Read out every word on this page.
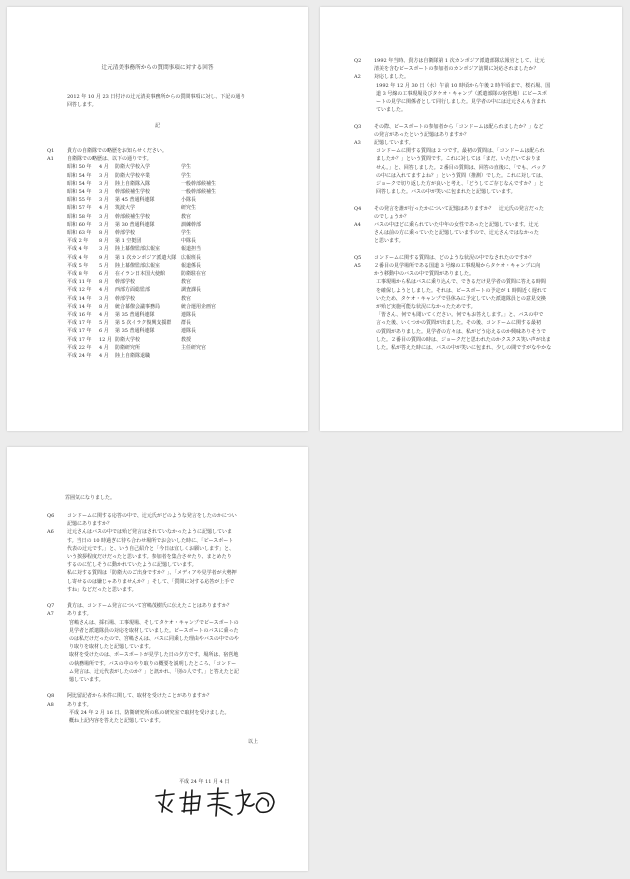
辻元清美事務所からの質問事項に対する回答
2012 年 10 月 23 日付けの辻元清美事務所からの質問事項に対し、下記の通り
回答します。
記
Q1	貴方の自衛隊での略歴をお知らせください。
A1	自衛隊での略歴は、以下の通りです。
昭和 50 年	4 月	防衛大学校入学	学生
昭和 54 年	3 月	防衛大学校卒業	学生
昭和 54 年	3 月	陸上自衛隊入隊	一般幹部候補生
昭和 54 年	3 月	幹部候補生学校	一般幹部候補生
昭和 55 年	3 月	第 45 普通科連隊	小隊長
昭和 57 年	4 月	筑波大学	研究生
昭和 58 年	3 月	幹部候補生学校	教官
昭和 60 年	3 月	第 30 普通科連隊	訓練幹部
昭和 63 年	8 月	幹部学校	学生
平成 2 年	8 月	第 1 空挺団	中隊長
平成 4 年	3 月	陸上幕僚監部広報室	報道担当
平成 4 年	9 月	第 1 次カンボジア派遣大隊 広報班長
平成 5 年	5 月	陸上幕僚監部広報室	報道係長
平成 8 年	6 月	在イラン日本国大使館	防衛駐在官
平成 11 年	8 月	幹部学校	教官
平成 12 年	4 月	西部方面総監部	調査課長
平成 14 年	3 月	幹部学校	教官
平成 14 年	8 月	統合幕僚会議事務局	統合運用企画官
平成 16 年	4 月	第 35 普通科連隊	連隊長
平成 17 年	5 月	第 5 次イラク復興支援群	群長
平成 17 年	6 月	第 35 普通科連隊	連隊長
平成 17 年	12 月 防衛大学校	教授
平成 22 年	4 月	防衛研究所	主任研究官
平成 24 年	4 月	陸上自衛隊退職
Q2	1992 年当時、貴方は自衛隊第 1 次カンボジア派遣部隊広報官として、辻元
清美を含むピースボートの参加者のカンボジア訪問に対応されましたか？
A2	対応しました。
1992 年 12 月 30 日（水）午前 10 時頃から午後 2 時半頃まで、桜石場、国
道 3 号線の工事現場及びタケオ・キャンプ（派遣部隊の宿営地）にピースボ
ートの見学に関係者として同行しました。見学者の中には辻元さんも含まれ
ていました。
Q3	その際、ピースボートの参加者から「コンドームは配られましたか？」など
の発言があったという記憶はありますか？
A3	記憶しています。
コンドームに関する質問は 2 つです。最初の質問は、「コンドームは配られ
ましたか？」という質問です。これに対しては「まだ、いただいておりま
せん。」と、回答しました。２番目の質問は、回答の直後に、「でも、パック
の中には入れてますよね？」という質問（推測）でした。これに対しては、
ジョークで切り返した方が良いと考え、「どうしてご存じなんですか？」と
回答しました。バスの中が笑いに包まれたと記憶しています。
Q4	その発言を誰が行ったかについて記憶はありますか？　辻元氏の発言だった
のでしょうか？
A4	バスの中ほどに乗られていた中年の女性であったと記憶しています。辻元
さんは前の方に乗っていたと記憶していますので、辻元さんではなかった
と思います。
Q5	コンドームに関する質問は、どのような状況の中でなされたのですか？
A5	２番目の見学場所である国道 3 号線の工事現場からタケオ・キャンプに向
かう移動中のバスの中で質問がありました。
工事現場から私はバスに乗り込んで、できるだけ見学者の質問に答える時間
を確保しようとしました。それは、ピースボートの予定が 1 時間近く遅れて
いたため、タケオ・キャンプで昼休みに予定していた派遣隊員との意見交換
が殆ど実施可能な状況になかったためです。
「皆さん、何でも聞いてください。何でもお答えします。」と、バスの中で
言った後、いくつかの質問が出ました。その後、コンドームに関する最初
の質問がありました。見学者の方々は、私がどう応えるのか興味ありそうで
した。２番目の質問の時は、ジョークだと思われたのかクスクス笑い声が出ま
した。私が答えた時には、バスの中が笑いに包まれ、少しの間ですがなやかな
雰囲気になりました。
Q6	コンドームに関する応答の中で、辻元氏がどのような発言をしたのかについ
記憶にありますか？
A6	辻元さんはバスの中では殆ど発言はされていなかったように記憶していま
す。当日の 10 時過ぎに待ち合わせ場所でお会いした時に、「ピースボート
代表の辻元です。」と、いう自己紹介と「今日は宜しくお願いします」と、
いう挨拶程度だけだったと思います。参加者を集合させたり、まとめたり
するのに忙しそうに動かれていたように記憶しています。
私に対する質問は「防衛大のご出身ですか？」、「メディアや見学者が大勢押
し寄せるのは嫌じゃありませんか？」そして、「質問に対する応答が上手で
すね」などだったと思います。
Q7	貴方は、コンドーム発言について宮嶋茂樹氏に伝えたことはありますか？
A7	あります。
宮嶋さんは、採石場、工事現場、そしてタケオ・キャンプでピースボートの
見学者と派遣隊員の対応を取材していました。ピースボートのバスに乗った
のは私だけだったので、宮嶋さんは、バスに同乗した理由やバスの中でのや
り取りを取材したと記憶しています。
取材を受けたのは、ボースボートが見学した日の夕方です。場所は、宿営地
の執務場所です。バスの中のやり取りの概要を説明したところ、「コンドー
ム発言は、辻元代表がしたのか？」と訊かれ、「別の人です。」と答えたと記
憶しています。
Q8	阿比留記者から本件に関して、取材を受けたことがありますか？
A8	あります。
平成 24 年 2 月 16 日、防衛研究所の私の研究室で取材を受けました。
概ね上記内容を答えたと記憶しています。
以上
平成 24 年 11 月 4 日
